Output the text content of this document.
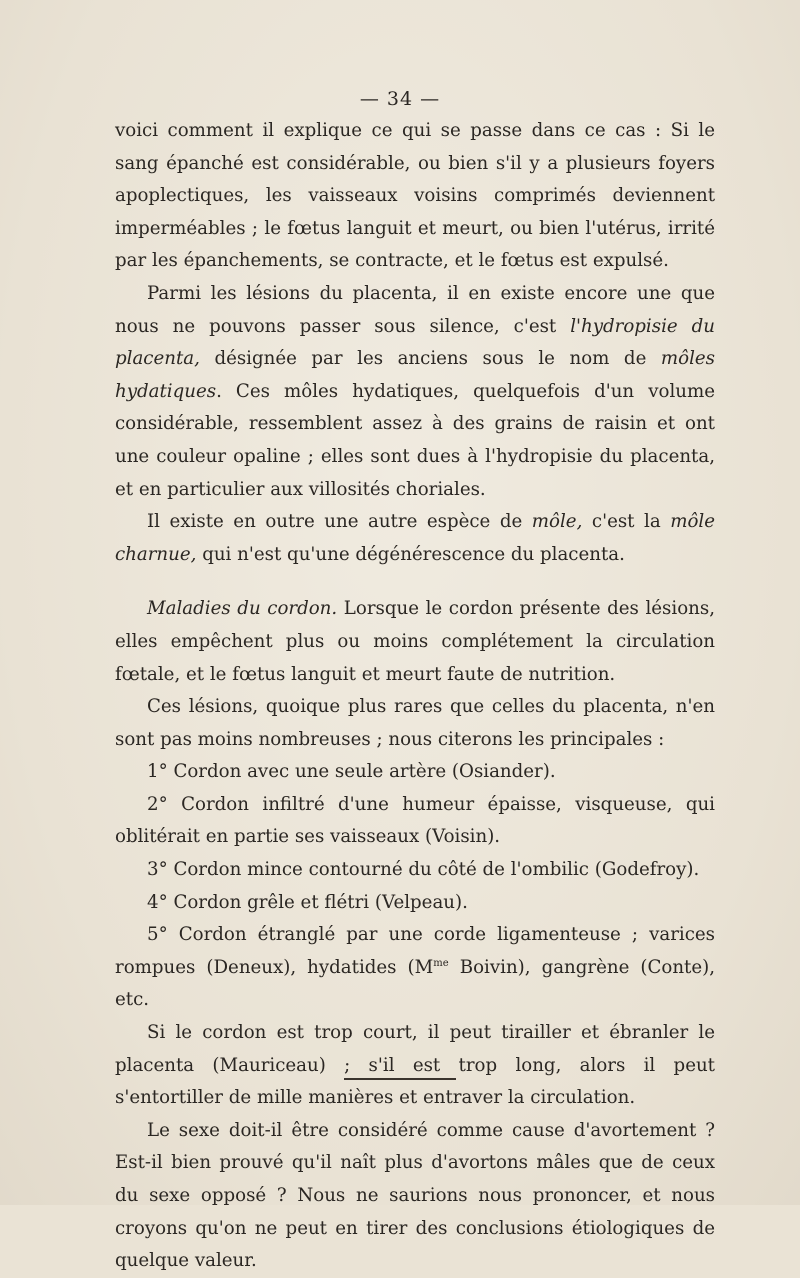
— 34 —

voici comment il explique ce qui se passe dans ce cas : Si le sang épanché est considérable, ou bien s'il y a plusieurs foyers apoplectiques, les vaisseaux voisins comprimés deviennent imperméables ; le fœtus languit et meurt, ou bien l'utérus, irrité par les épanchements, se contracte, et le fœtus est expulsé.

Parmi les lésions du placenta, il en existe encore une que nous ne pouvons passer sous silence, c'est l'hydropisie du placenta, désignée par les anciens sous le nom de môles hydatiques. Ces môles hydatiques, quelquefois d'un volume considérable, ressemblent assez à des grains de raisin et ont une couleur opaline ; elles sont dues à l'hydropisie du placenta, et en particulier aux villosités choriales.

Il existe en outre une autre espèce de môle, c'est la môle charnue, qui n'est qu'une dégénérescence du placenta.

Maladies du cordon. Lorsque le cordon présente des lésions, elles empêchent plus ou moins complétement la circulation fœtale, et le fœtus languit et meurt faute de nutrition.

Ces lésions, quoique plus rares que celles du placenta, n'en sont pas moins nombreuses ; nous citerons les principales :

1° Cordon avec une seule artère (Osiander).

2° Cordon infiltré d'une humeur épaisse, visqueuse, qui oblitérait en partie ses vaisseaux (Voisin).

3° Cordon mince contourné du côté de l'ombilic (Godefroy).

4° Cordon grêle et flétri (Velpeau).

5° Cordon étranglé par une corde ligamenteuse ; varices rompues (Deneux), hydatides ($M^{me}$ Boivin), gangrène (Conte), etc.

Si le cordon est trop court, il peut tirailler et ébranler le placenta (Mauriceau) ; s'il est trop long, alors il peut s'entortiller de mille manières et entraver la circulation.

Le sexe doit-il être considéré comme cause d'avortement ? Est-il bien prouvé qu'il naît plus d'avortons mâles que de ceux du sexe opposé ? Nous ne saurions nous prononcer, et nous croyons qu'on ne peut en tirer des conclusions étiologiques de quelque valeur.
